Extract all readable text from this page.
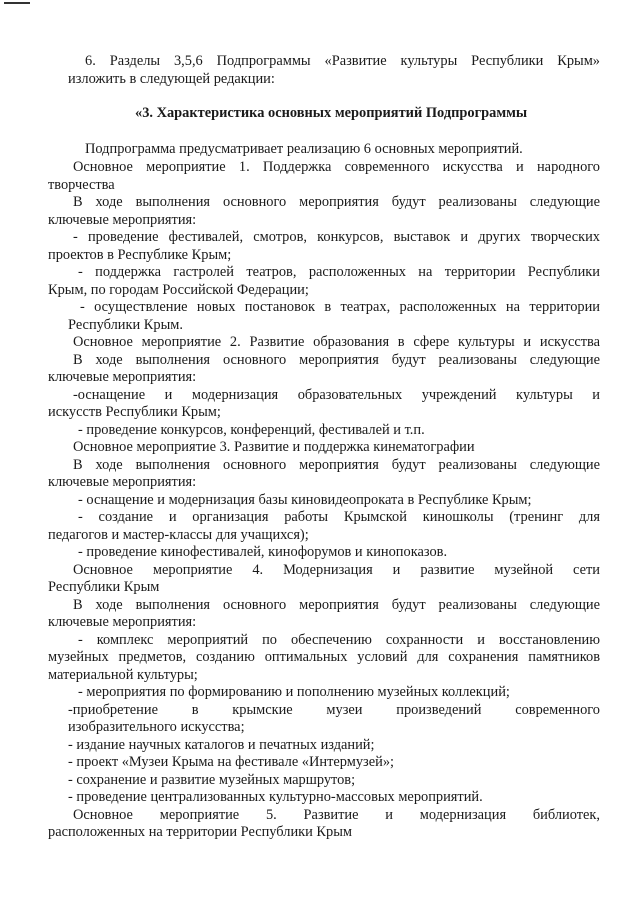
6. Разделы 3,5,6 Подпрограммы «Развитие культуры Республики Крым»
изложить в следующей редакции:
«3. Характеристика основных мероприятий Подпрограммы
Подпрограмма предусматривает реализацию 6 основных мероприятий.
Основное мероприятие 1. Поддержка современного искусства и народного
творчества
В ходе выполнения основного мероприятия будут реализованы следующие
ключевые мероприятия:
- проведение фестивалей, смотров, конкурсов, выставок и других творческих
проектов в Республике Крым;
- поддержка гастролей театров, расположенных на территории Республики
Крым, по городам Российской Федерации;
- осуществление новых постановок в театрах, расположенных на территории
Республики Крым.
Основное мероприятие 2. Развитие образования в сфере культуры и искусства
В ходе выполнения основного мероприятия будут реализованы следующие
ключевые мероприятия:
-оснащение и модернизация образовательных учреждений культуры и
искусств Республики Крым;
- проведение конкурсов, конференций, фестивалей и т.п.
Основное мероприятие 3. Развитие и поддержка кинематографии
В ходе выполнения основного мероприятия будут реализованы следующие
ключевые мероприятия:
- оснащение и модернизация базы киновидеопроката в Республике Крым;
- создание и организация работы Крымской киношколы (тренинг для
педагогов и мастер-классы для учащихся);
- проведение кинофестивалей, кинофорумов и кинопоказов.
Основное мероприятие 4. Модернизация и развитие музейной сети
Республики Крым
В ходе выполнения основного мероприятия будут реализованы следующие
ключевые мероприятия:
- комплекс мероприятий по обеспечению сохранности и восстановлению
музейных предметов, созданию оптимальных условий для сохранения памятников
материальной культуры;
- мероприятия по формированию и пополнению музейных коллекций;
-приобретение в крымские музеи произведений современного
изобразительного искусства;
- издание научных каталогов и печатных изданий;
- проект «Музеи Крыма на фестивале «Интермузей»;
- сохранение и развитие музейных маршрутов;
- проведение централизованных культурно-массовых мероприятий.
Основное мероприятие 5. Развитие и модернизация библиотек,
расположенных на территории Республики Крым
